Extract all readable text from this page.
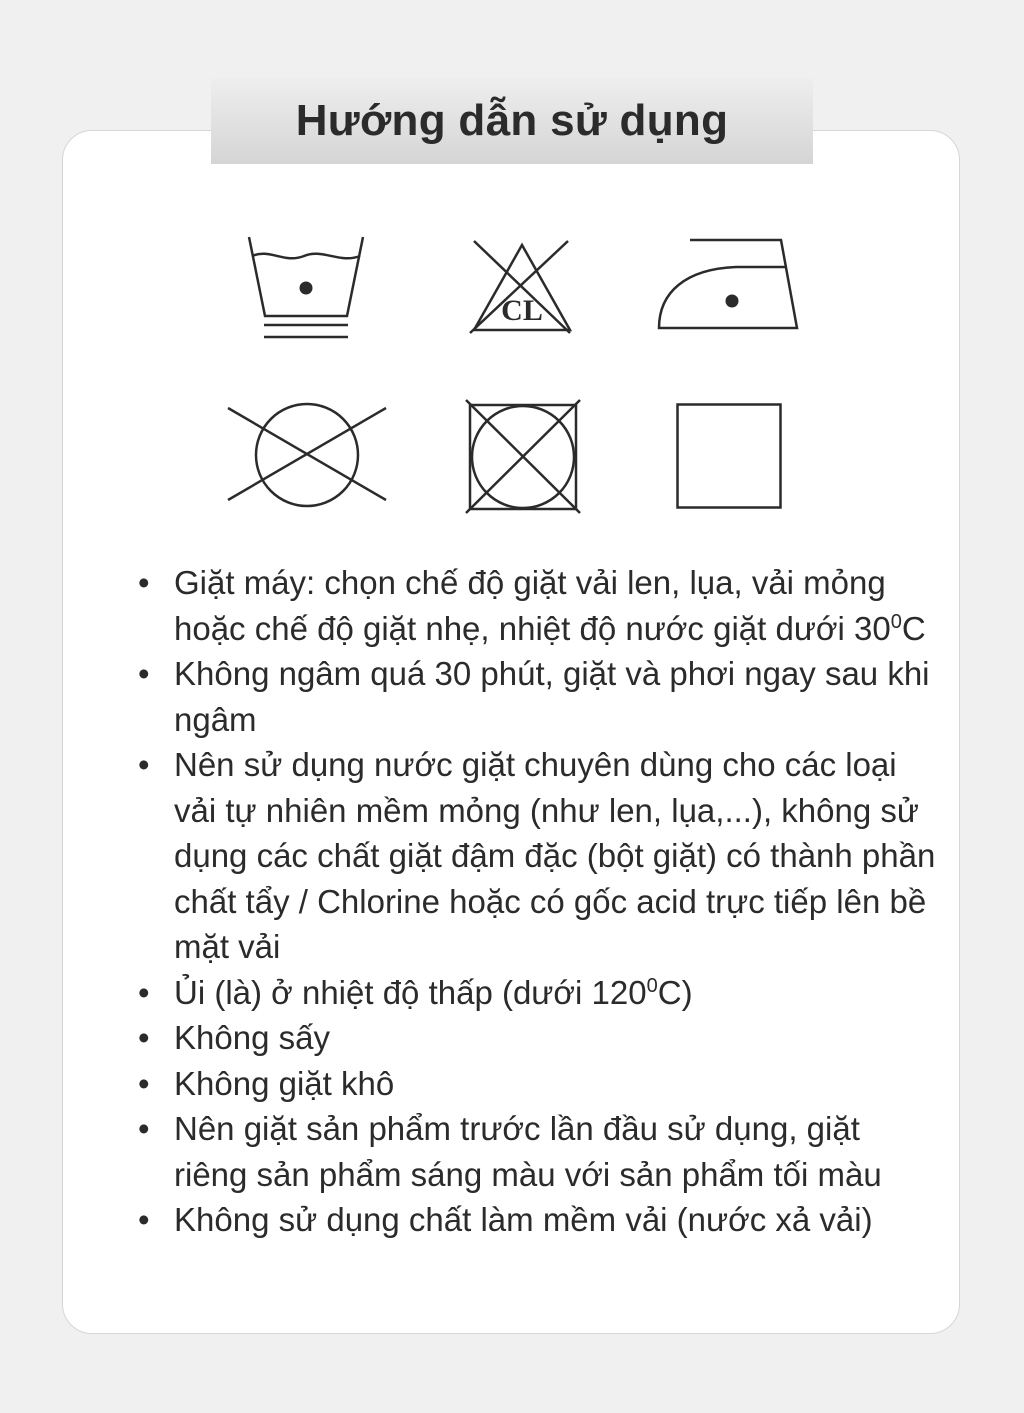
Hướng dẫn sử dụng
CL
• Giặt máy: chọn chế độ giặt vải len, lụa, vải mỏng hoặc chế độ giặt nhẹ, nhiệt độ nước giặt dưới $30^0C$
• Không ngâm quá 30 phút, giặt và phơi ngay sau khi ngâm
• Nên sử dụng nước giặt chuyên dùng cho các loại vải tự nhiên mềm mỏng (như len, lụa,...), không sử dụng các chất giặt đậm đặc (bột giặt) có thành phần chất tẩy / Chlorine hoặc có gốc acid trực tiếp lên bề mặt vải
• Ủi (là) ở nhiệt độ thấp (dưới $120^0C$)
• Không sấy
• Không giặt khô
• Nên giặt sản phẩm trước lần đầu sử dụng, giặt riêng sản phẩm sáng màu với sản phẩm tối màu
• Không sử dụng chất làm mềm vải (nước xả vải)
